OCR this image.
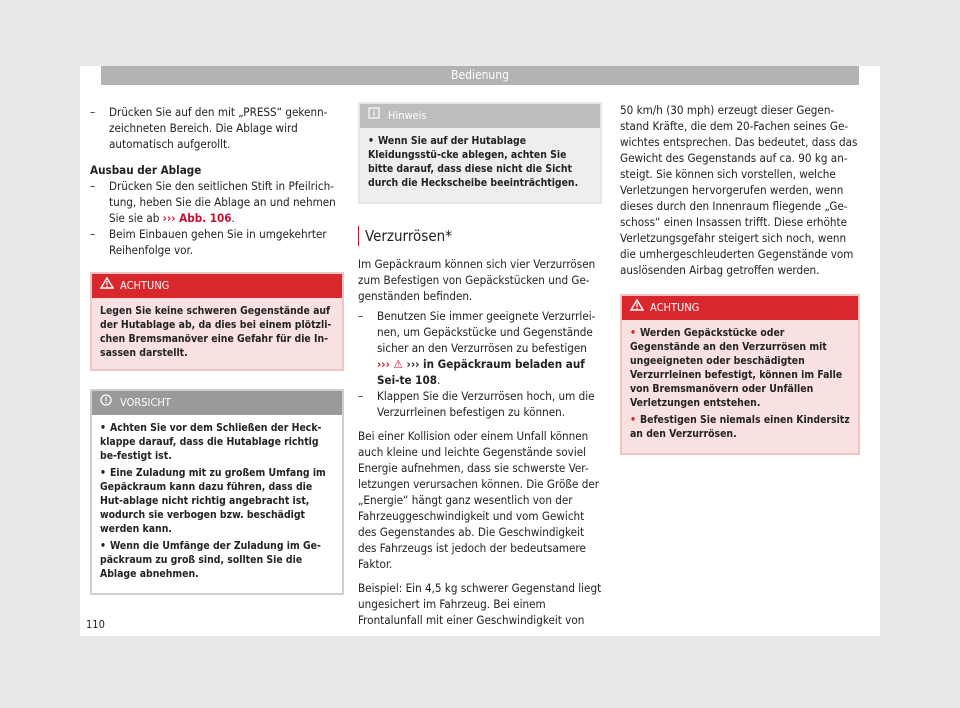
Bedienung

– Drücken Sie auf den mit „PRESS“ gekenn-zeichneten Bereich. Die Ablage wird automatisch aufgerollt.

Ausbau der Ablage

– Drücken Sie den seitlichen Stift in Pfeilrich-tung, heben Sie die Ablage an und nehmen Sie sie ab ››› Abb. 106.

– Beim Einbauen gehen Sie in umgekehrter Reihenfolge vor.

ACHTUNG
Legen Sie keine schweren Gegenstände auf der Hutablage ab, da dies bei einem plötzli-chen Bremsmanöver eine Gefahr für die In-sassen darstellt.
VORSICHT

• Achten Sie vor dem Schließen der Heck-klappe darauf, dass die Hutablage richtig be-festigt ist.

• Eine Zuladung mit zu großem Umfang im Gepäckraum kann dazu führen, dass die Hut-ablage nicht richtig angebracht ist, wodurch sie verbogen bzw. beschädigt werden kann.

• Wenn die Umfänge der Zuladung im Ge-päckraum zu groß sind, sollten Sie die Ablage abnehmen.

Hinweis

• Wenn Sie auf der Hutablage Kleidungsstü-cke ablegen, achten Sie bitte darauf, dass diese nicht die Sicht durch die Heckscheibe beeinträchtigen.

Verzurrösen*

Im Gepäckraum können sich vier Verzurrösen zum Befestigen von Gepäckstücken und Ge-genständen befinden.

– Benutzen Sie immer geeignete Verzurrlei-nen, um Gepäckstücke und Gegenstände sicher an den Verzurrösen zu befestigen ››› ⚠ ››› in Gepäckraum beladen auf Sei-te 108.

– Klappen Sie die Verzurrösen hoch, um die Verzurrleinen befestigen zu können.

Bei einer Kollision oder einem Unfall können auch kleine und leichte Gegenstände soviel Energie aufnehmen, dass sie schwerste Ver-letzungen verursachen können. Die Größe der „Energie“ hängt ganz wesentlich von der Fahrzeuggeschwindigkeit und vom Gewicht des Gegenstandes ab. Die Geschwindigkeit des Fahrzeugs ist jedoch der bedeutsamere Faktor.

Beispiel: Ein 4,5 kg schwerer Gegenstand liegt ungesichert im Fahrzeug. Bei einem Frontalunfall mit einer Geschwindigkeit von

50 km/h (30 mph) erzeugt dieser Gegen-stand Kräfte, die dem 20-Fachen seines Ge-wichtes entsprechen. Das bedeutet, dass das Gewicht des Gegenstands auf ca. 90 kg an-steigt. Sie können sich vorstellen, welche Verletzungen hervorgerufen werden, wenn dieses durch den Innenraum fliegende „Ge-schoss“ einen Insassen trifft. Diese erhöhte Verletzungsgefahr steigert sich noch, wenn die umhergeschleuderten Gegenstände vom auslösenden Airbag getroffen werden.

ACHTUNG

• Werden Gepäckstücke oder Gegenstände an den Verzurrösen mit ungeeigneten oder beschädigten Verzurrleinen befestigt, können im Falle von Bremsmanövern oder Unfällen Verletzungen entstehen.

• Befestigen Sie niemals einen Kindersitz an den Verzurrösen.

110
